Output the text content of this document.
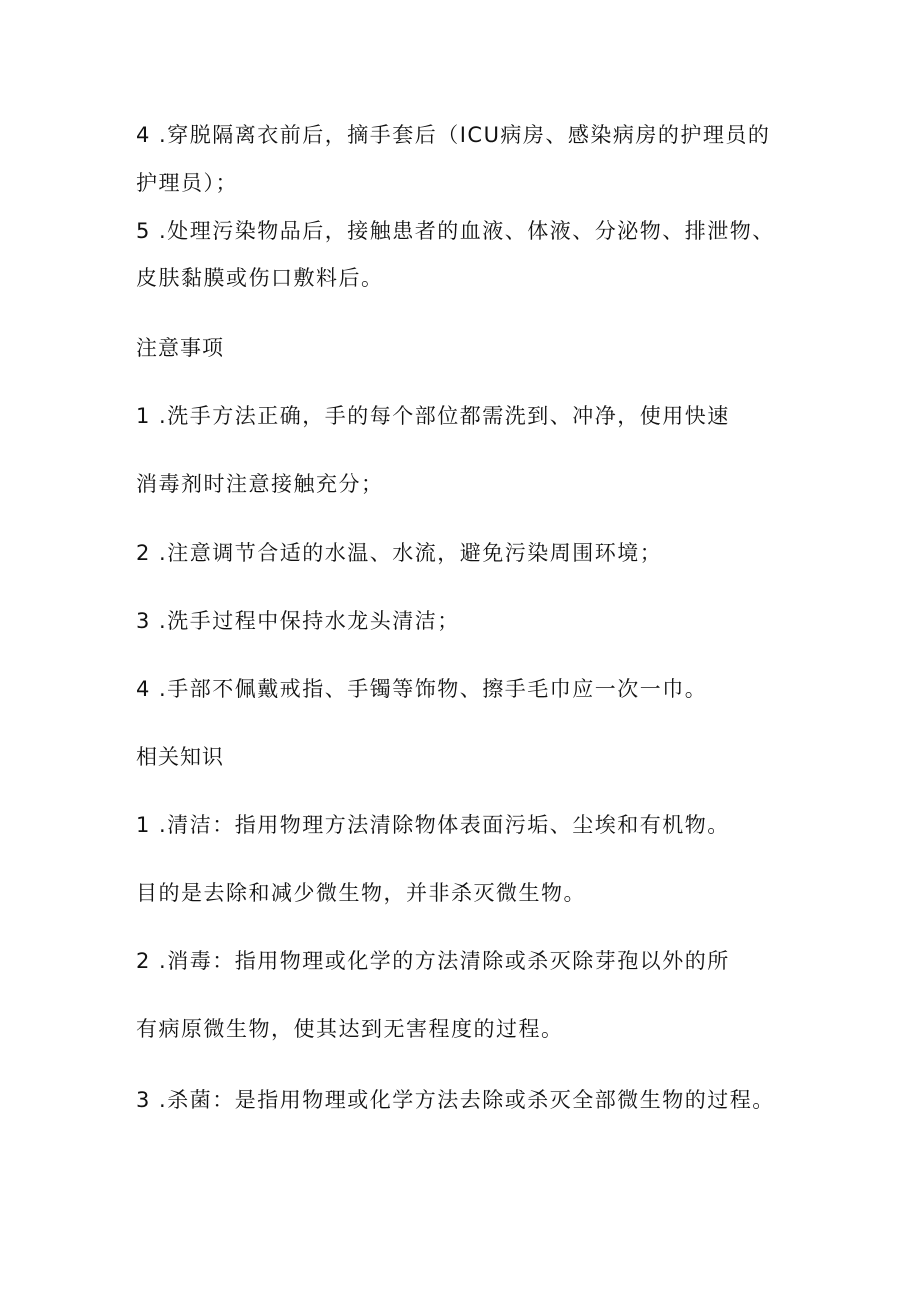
4 .穿脱隔离衣前后，摘手套后（ICU病房、感染病房的护理员的
护理员）；
5 .处理污染物品后，接触患者的血液、体液、分泌物、排泄物、
皮肤黏膜或伤口敷料后。
注意事项
1 .洗手方法正确，手的每个部位都需洗到、冲净，使用快速
消毒剂时注意接触充分；
2 .注意调节合适的水温、水流，避免污染周围环境；
3 .洗手过程中保持水龙头清洁；
4 .手部不佩戴戒指、手镯等饰物、擦手毛巾应一次一巾。
相关知识
1 .清洁：指用物理方法清除物体表面污垢、尘埃和有机物。
目的是去除和减少微生物，并非杀灭微生物。
2 .消毒：指用物理或化学的方法清除或杀灭除芽孢以外的所
有病原微生物，使其达到无害程度的过程。
3 .杀菌：是指用物理或化学方法去除或杀灭全部微生物的过程。
